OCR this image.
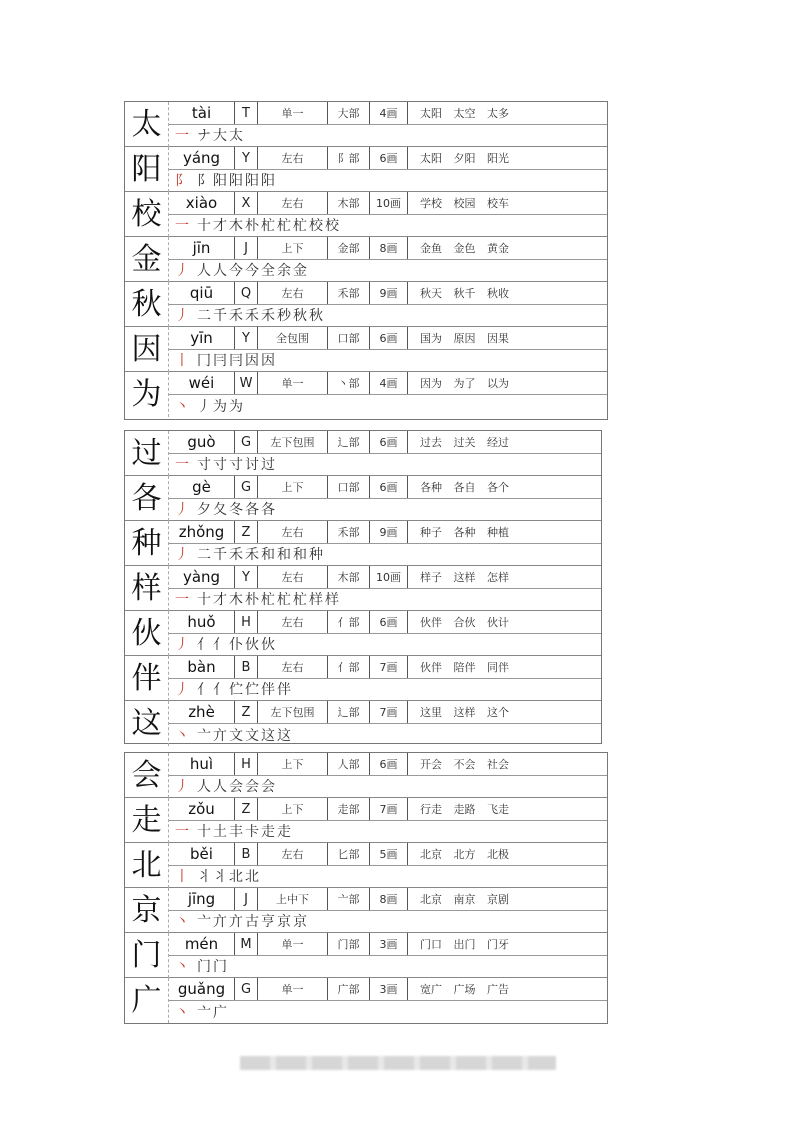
太	tài	T	单一	大部	4画	太阳 太空 太多
一 ナ大太
阳	yáng	Y	左右	阝部	6画	太阳 夕阳 阳光
阝 阝阳阳阳阳
校	xiào	X	左右	木部	10画	学校 校园 校车
一 十才木朴杧杧杧校校
金	jīn	J	上下	金部	8画	金鱼 金色 黄金
丿 人人今今全余金
秋	qiū	Q	左右	禾部	9画	秋天 秋千 秋收
丿 二千禾禾禾秒秋秋
因	yīn	Y	全包围	口部	6画	国为 原因 因果
丨 冂冃冃因因
为	wéi	W	单一	丶部	4画	因为 为了 以为
丶 丿为为
过	guò	G	左下包围	辶部	6画	过去 过关 经过
一 寸寸寸讨过
各	gè	G	上下	口部	6画	各种 各自 各个
丿 夕夂冬各各
种	zhǒng	Z	左右	禾部	9画	种子 各种 种植
丿 二千禾禾和和和种
样	yàng	Y	左右	木部	10画	样子 这样 怎样
一 十才木朴杧杧杧样样
伙	huǒ	H	左右	亻部	6画	伙伴 合伙 伙计
丿 亻亻仆伙伙
伴	bàn	B	左右	亻部	7画	伙伴 陪伴 同伴
丿 亻亻伫伫伴伴
这	zhè	Z	左下包围	辶部	7画	这里 这样 这个
丶 亠亣文文这这
会	huì	H	上下	人部	6画	开会 不会 社会
丿 人人会会会
走	zǒu	Z	上下	走部	7画	行走 走路 飞走
一 十土丰卡走走
北	běi	B	左右	匕部	5画	北京 北方 北极
丨 丬丬北北
京	jīng	J	上中下	亠部	8画	北京 南京 京剧
丶 亠亣亣古亨京京
门	mén	M	单一	门部	3画	门口 出门 门牙
丶 门门
广	guǎng	G	单一	广部	3画	宽广 广场 广告
丶 亠广
